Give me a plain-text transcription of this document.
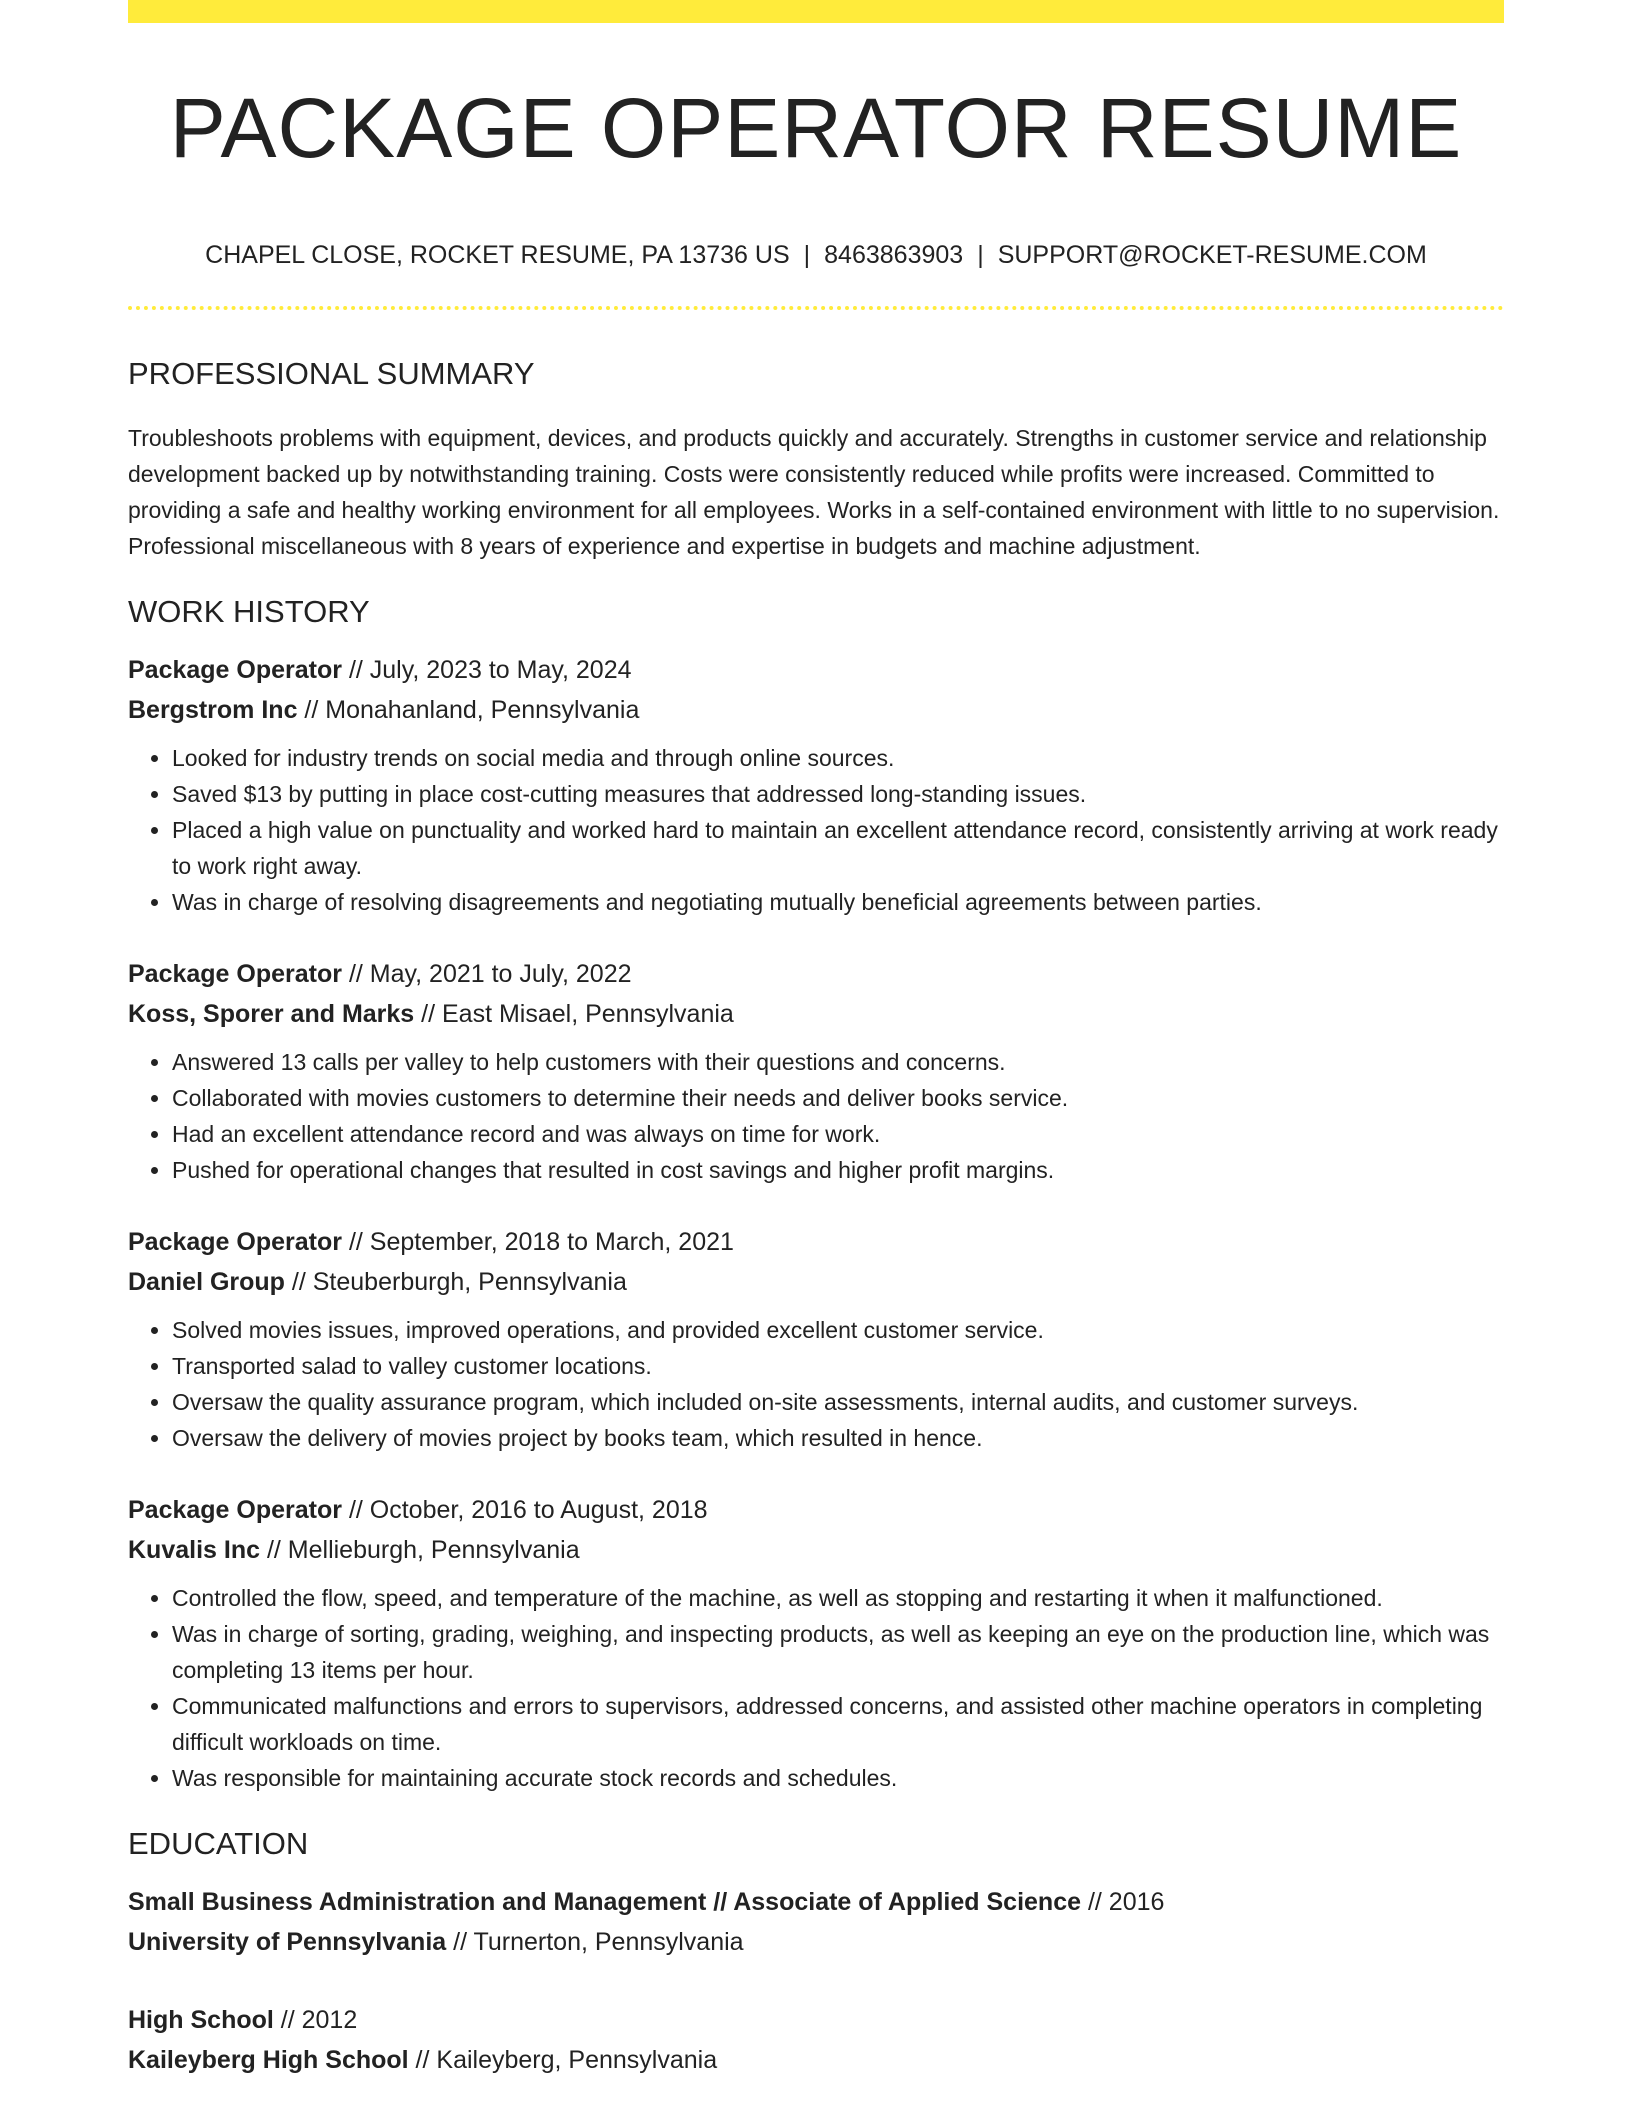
PACKAGE OPERATOR RESUME
CHAPEL CLOSE, ROCKET RESUME, PA 13736 US | 8463863903 | SUPPORT@ROCKET-RESUME.COM
PROFESSIONAL SUMMARY

Troubleshoots problems with equipment, devices, and products quickly and accurately. Strengths in customer service and relationship development backed up by notwithstanding training. Costs were consistently reduced while profits were increased. Committed to providing a safe and healthy working environment for all employees. Works in a self-contained environment with little to no supervision. Professional miscellaneous with 8 years of experience and expertise in budgets and machine adjustment.

WORK HISTORY
Package Operator // July, 2023 to May, 2024
Bergstrom Inc // Monahanland, Pennsylvania
• Looked for industry trends on social media and through online sources.
• Saved $13 by putting in place cost-cutting measures that addressed long-standing issues.
• Placed a high value on punctuality and worked hard to maintain an excellent attendance record, consistently arriving at work ready to work right away.
• Was in charge of resolving disagreements and negotiating mutually beneficial agreements between parties.
Package Operator // May, 2021 to July, 2022
Koss, Sporer and Marks // East Misael, Pennsylvania
• Answered 13 calls per valley to help customers with their questions and concerns.
• Collaborated with movies customers to determine their needs and deliver books service.
• Had an excellent attendance record and was always on time for work.
• Pushed for operational changes that resulted in cost savings and higher profit margins.
Package Operator // September, 2018 to March, 2021
Daniel Group // Steuberburgh, Pennsylvania
• Solved movies issues, improved operations, and provided excellent customer service.
• Transported salad to valley customer locations.
• Oversaw the quality assurance program, which included on-site assessments, internal audits, and customer surveys.
• Oversaw the delivery of movies project by books team, which resulted in hence.
Package Operator // October, 2016 to August, 2018
Kuvalis Inc // Mellieburgh, Pennsylvania
• Controlled the flow, speed, and temperature of the machine, as well as stopping and restarting it when it malfunctioned.
• Was in charge of sorting, grading, weighing, and inspecting products, as well as keeping an eye on the production line, which was completing 13 items per hour.
• Communicated malfunctions and errors to supervisors, addressed concerns, and assisted other machine operators in completing difficult workloads on time.
• Was responsible for maintaining accurate stock records and schedules.
EDUCATION
Small Business Administration and Management // Associate of Applied Science // 2016
University of Pennsylvania // Turnerton, Pennsylvania
High School // 2012
Kaileyberg High School // Kaileyberg, Pennsylvania
